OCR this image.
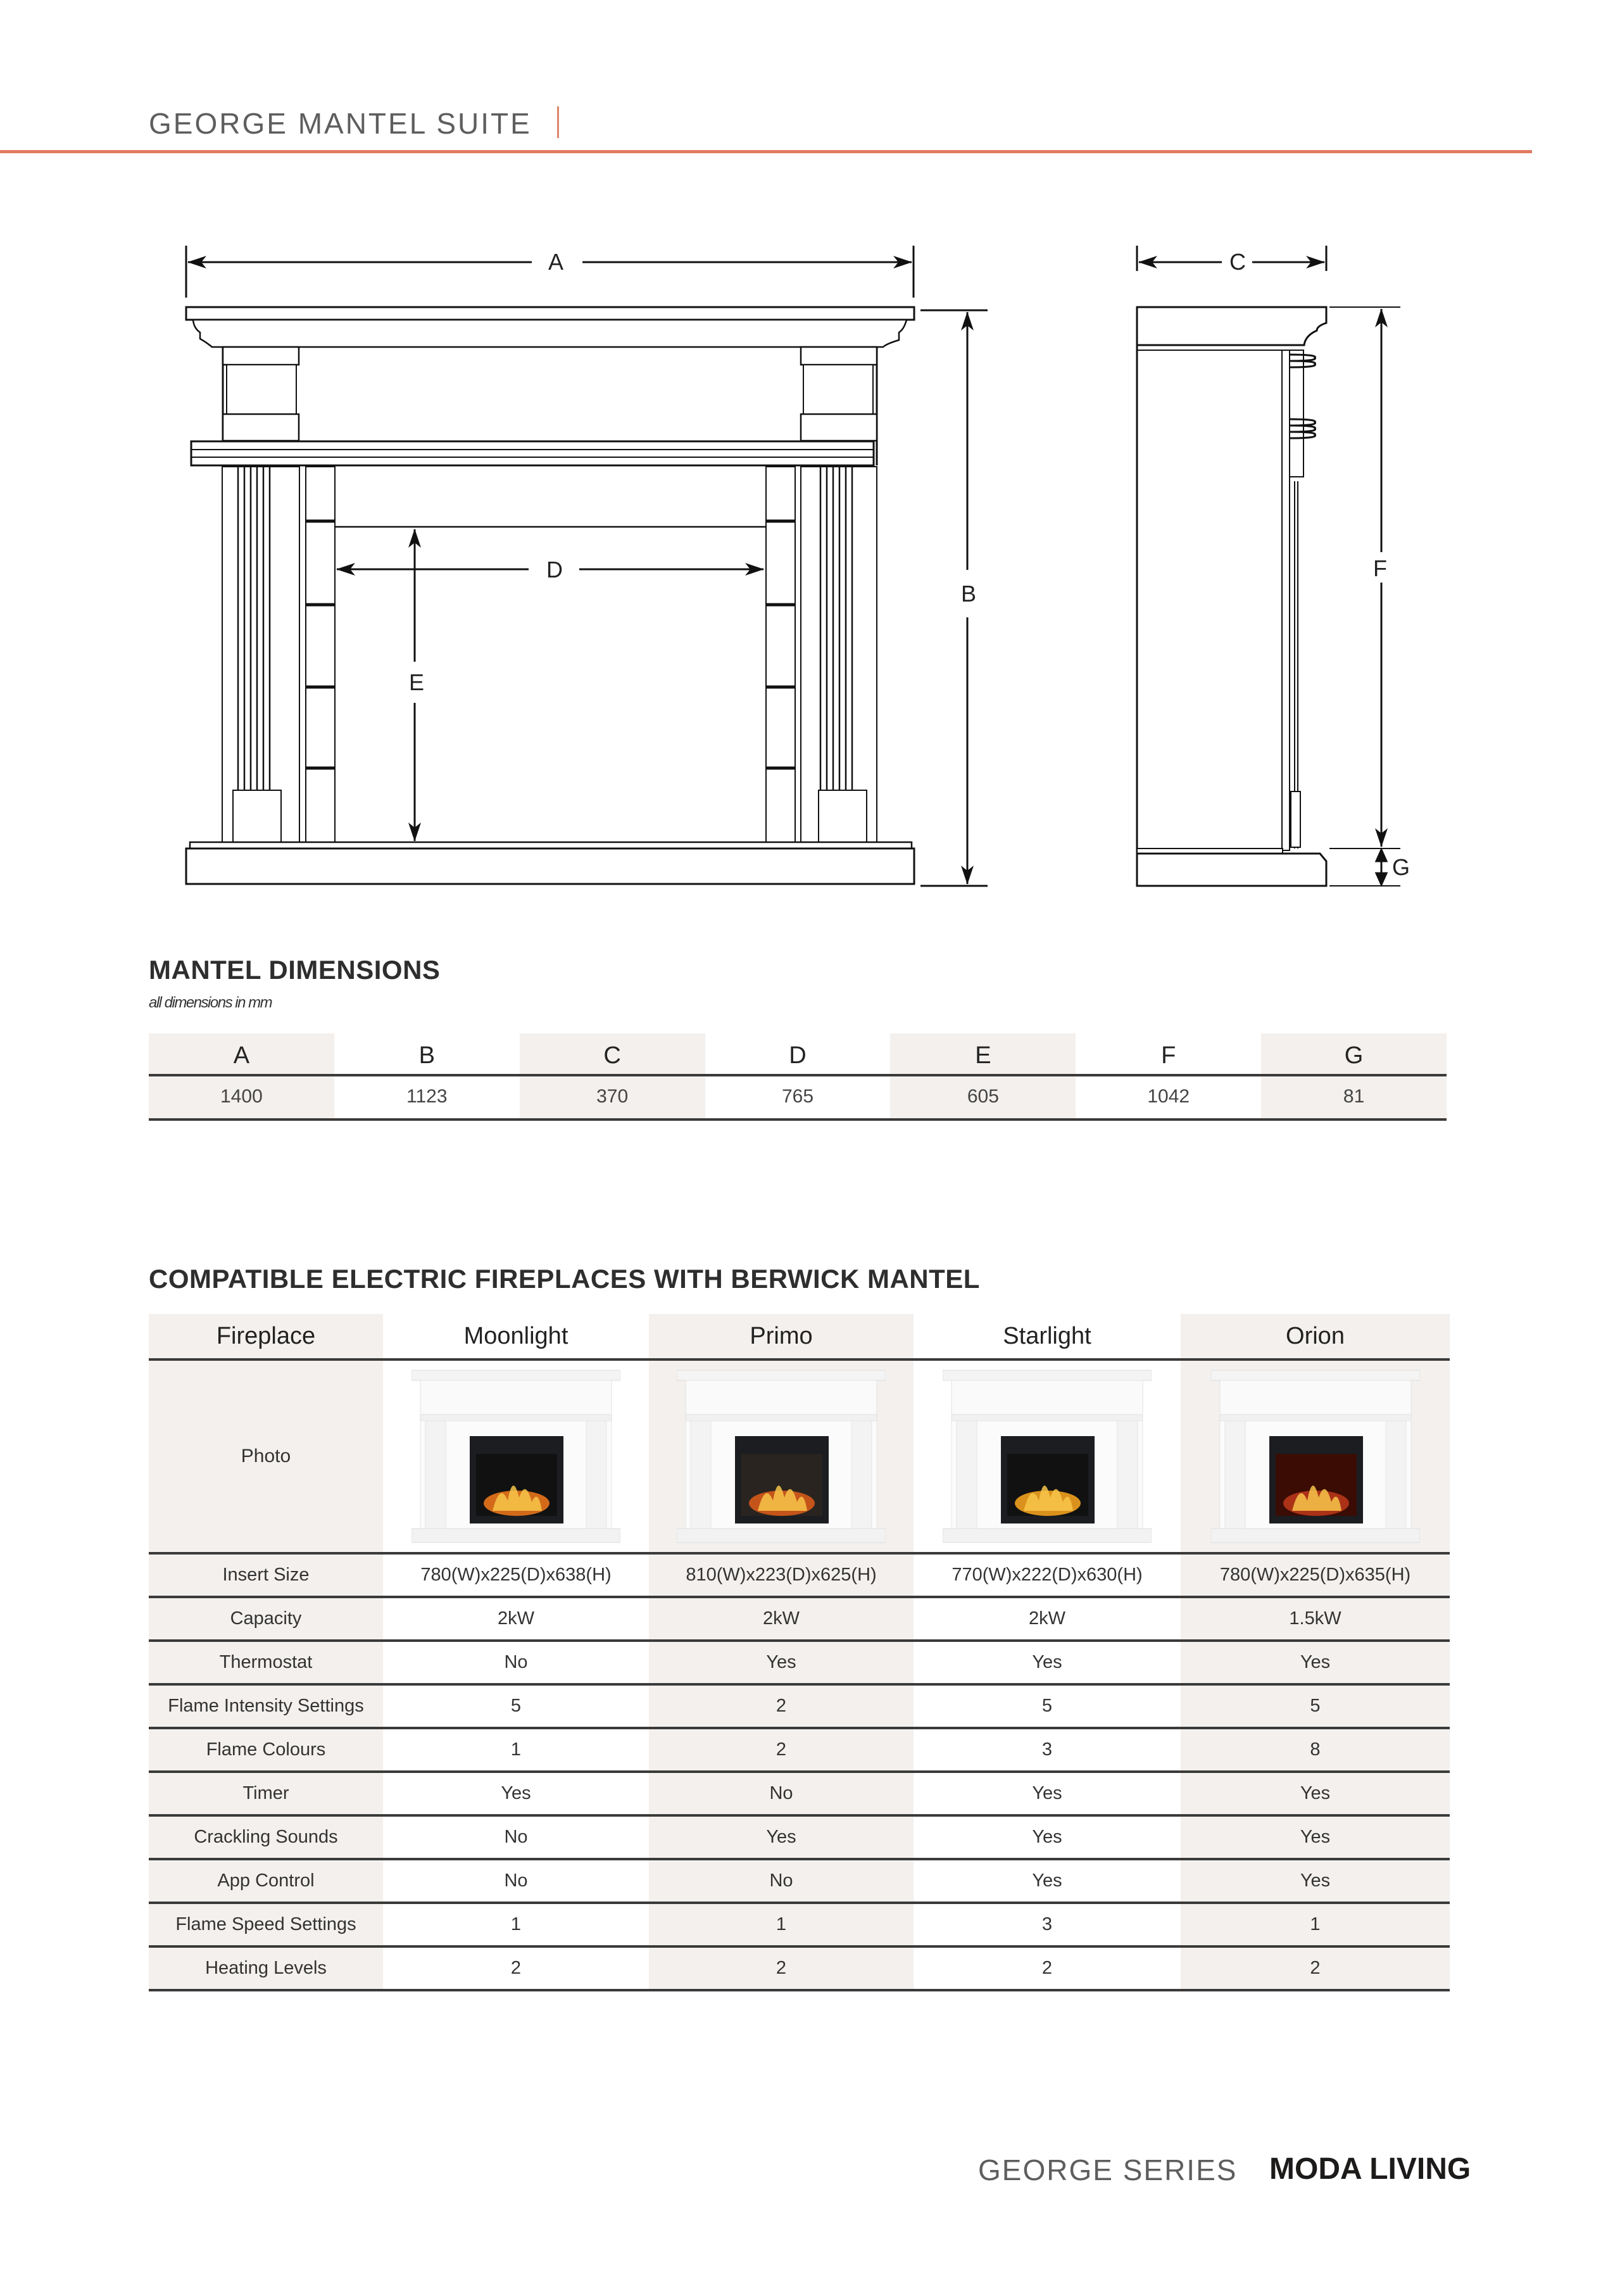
GEORGE MANTEL SUITE
A
B
D
E
C
F
G
MANTEL DIMENSIONS
all dimensions in mm
A	B	C	D	E	F	G
1400	1123	370	765	605	1042	81
COMPATIBLE ELECTRIC FIREPLACES WITH BERWICK MANTEL
Fireplace	Moonlight	Primo	Starlight	Orion
Photo
Insert Size	780(W)x225(D)x638(H)	810(W)x223(D)x625(H)	770(W)x222(D)x630(H)	780(W)x225(D)x635(H)
Capacity	2kW	2kW	2kW	1.5kW
Thermostat	No	Yes	Yes	Yes
Flame Intensity Settings	5	2	5	5
Flame Colours	1	2	3	8
Timer	Yes	No	Yes	Yes
Crackling Sounds	No	Yes	Yes	Yes
App Control	No	No	Yes	Yes
Flame Speed Settings	1	1	3	1
Heating Levels	2	2	2	2
GEORGE SERIES MODA LIVING
